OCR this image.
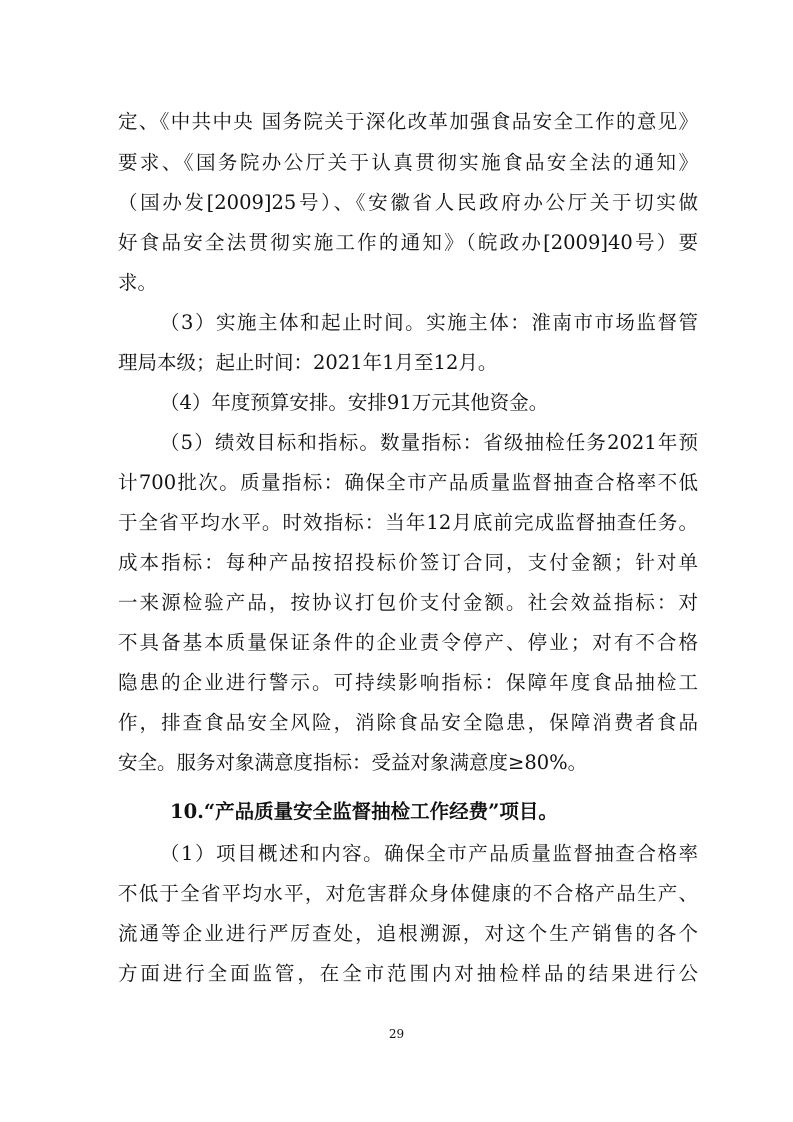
定、《中共中央 国务院关于深化改革加强食品安全工作的意见》
要求、《国务院办公厅关于认真贯彻实施食品安全法的通知》
（国办发[2009]25号）、《安徽省人民政府办公厅关于切实做
好食品安全法贯彻实施工作的通知》（皖政办[2009]40号）要
求。
（3）实施主体和起止时间。实施主体：淮南市市场监督管
理局本级；起止时间：2021年1月至12月。
（4）年度预算安排。安排91万元其他资金。
（5）绩效目标和指标。数量指标：省级抽检任务2021年预
计700批次。质量指标：确保全市产品质量监督抽查合格率不低
于全省平均水平。时效指标：当年12月底前完成监督抽查任务。
成本指标：每种产品按招投标价签订合同，支付金额；针对单
一来源检验产品，按协议打包价支付金额。社会效益指标：对
不具备基本质量保证条件的企业责令停产、停业；对有不合格
隐患的企业进行警示。可持续影响指标：保障年度食品抽检工
作，排查食品安全风险，消除食品安全隐患，保障消费者食品
安全。服务对象满意度指标：受益对象满意度≥80%。
10.“产品质量安全监督抽检工作经费”项目。
（1）项目概述和内容。确保全市产品质量监督抽查合格率
不低于全省平均水平，对危害群众身体健康的不合格产品生产、
流通等企业进行严厉查处，追根溯源，对这个生产销售的各个
方面进行全面监管，在全市范围内对抽检样品的结果进行公
29
